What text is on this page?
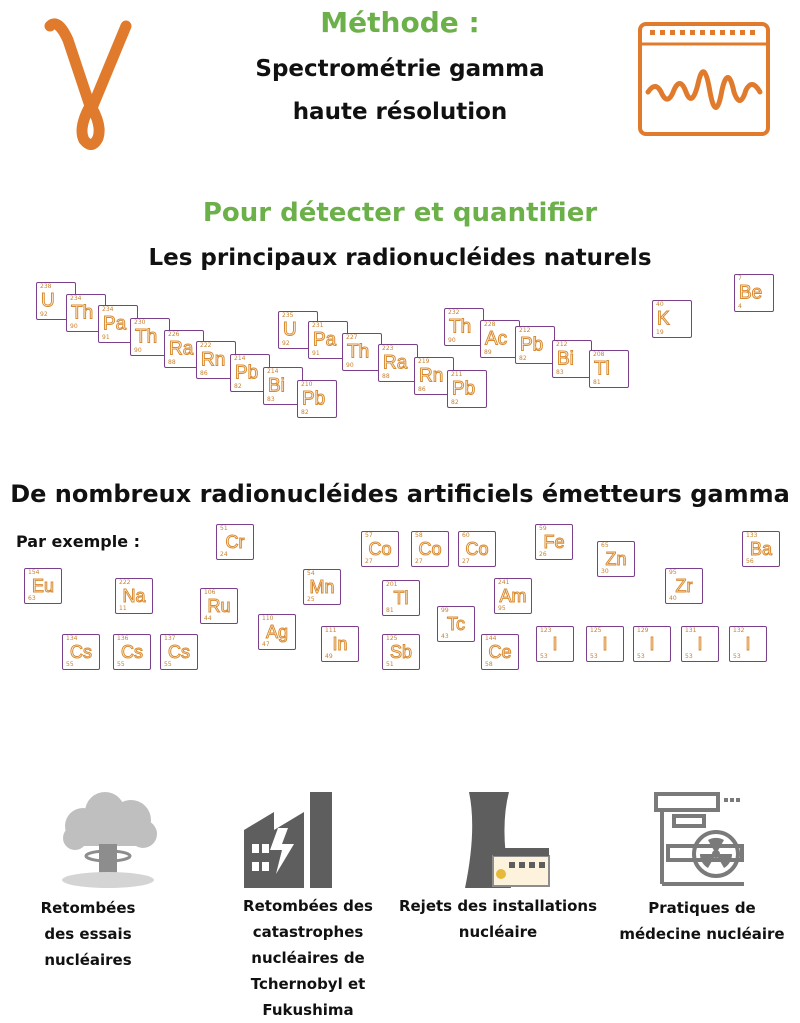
Méthode :
Spectrométrie gamma
haute résolution
Pour détecter et quantifier
Les principaux radionucléides naturels
238
U
92
234
Th
90
234
Pa
91
230
Th
90
226
Ra
88
222
Rn
86
214
Pb
82
214
Bi
83
210
Pb
82
235
U
92
231
Pa
91
227
Th
90
223
Ra
88
219
Rn
86
211
Pb
82
232
Th
90
228
Ac
89
212
Pb
82
212
Bi
83
208
Tl
81
40
K
19
7
Be
4
De nombreux radionucléides artificiels émetteurs gamma
Par exemple :
51
Cr
24
57
Co
27
58
Co
27
60
Co
27
59
Fe
26
65
Zn
30
133
Ba
56
154
Eu
63
222
Na
11
106
Ru
44
54
Mn
25
201
Tl
81
241
Am
95
95
Zr
40
110
Ag
47
99
Tc
43
134
Cs
55
136
Cs
55
137
Cs
55
111
In
49
125
Sb
51
144
Ce
58
123
I
53
125
I
53
129
I
53
131
I
53
132
I
53
Retombées des essais nucléaires
Retombées des catastrophes nucléaires de Tchernobyl et Fukushima
Rejets des installations nucléaire
Pratiques de médecine nucléaire
